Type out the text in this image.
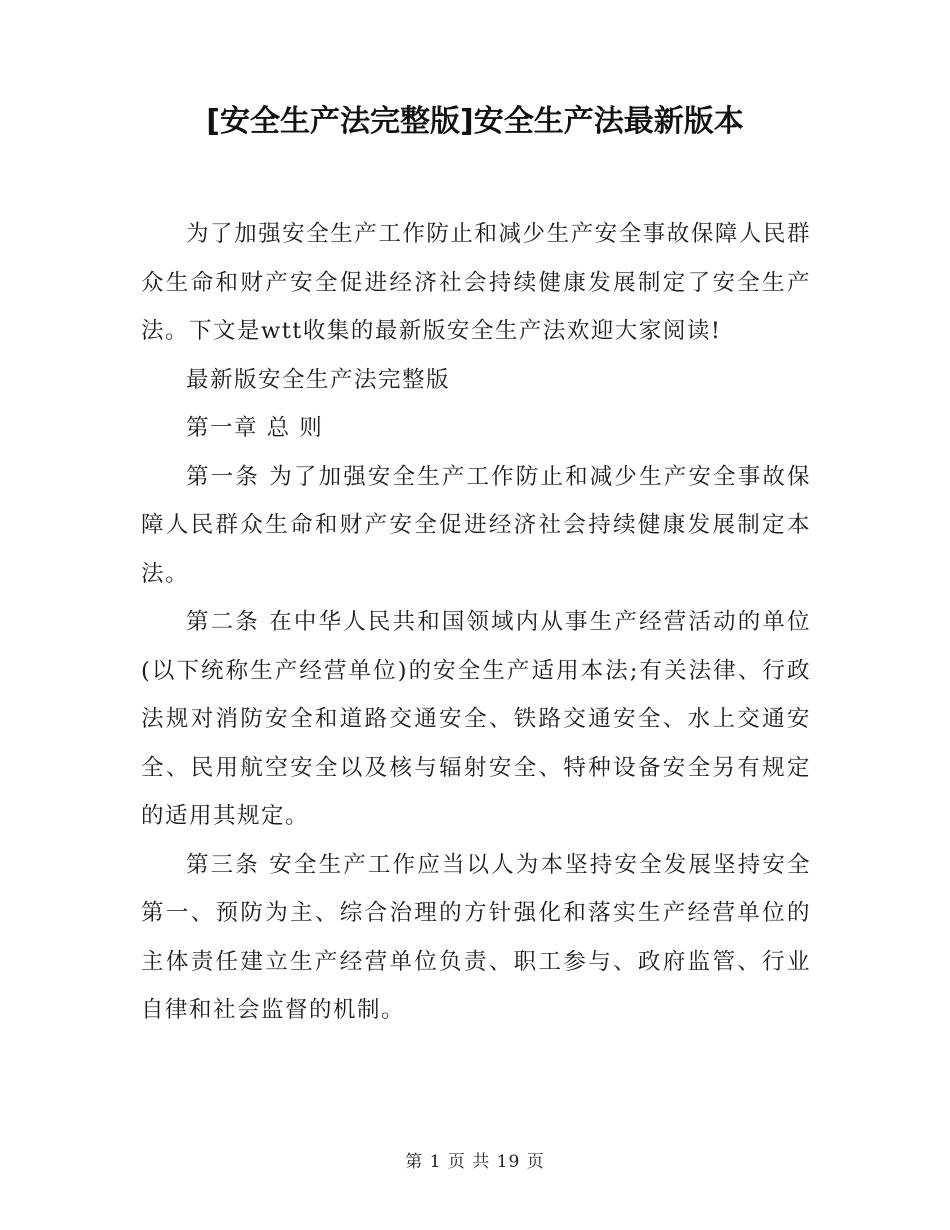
[安全生产法完整版]安全生产法最新版本

为了加强安全生产工作防止和减少生产安全事故保障人民群众生命和财产安全促进经济社会持续健康发展制定了安全生产法。下文是wtt收集的最新版安全生产法欢迎大家阅读!

最新版安全生产法完整版

第一章 总 则

第一条 为了加强安全生产工作防止和减少生产安全事故保障人民群众生命和财产安全促进经济社会持续健康发展制定本法。

第二条 在中华人民共和国领域内从事生产经营活动的单位(以下统称生产经营单位)的安全生产适用本法;有关法律、行政法规对消防安全和道路交通安全、铁路交通安全、水上交通安全、民用航空安全以及核与辐射安全、特种设备安全另有规定的适用其规定。

第三条 安全生产工作应当以人为本坚持安全发展坚持安全第一、预防为主、综合治理的方针强化和落实生产经营单位的主体责任建立生产经营单位负责、职工参与、政府监管、行业自律和社会监督的机制。

第 1 页 共 19 页
